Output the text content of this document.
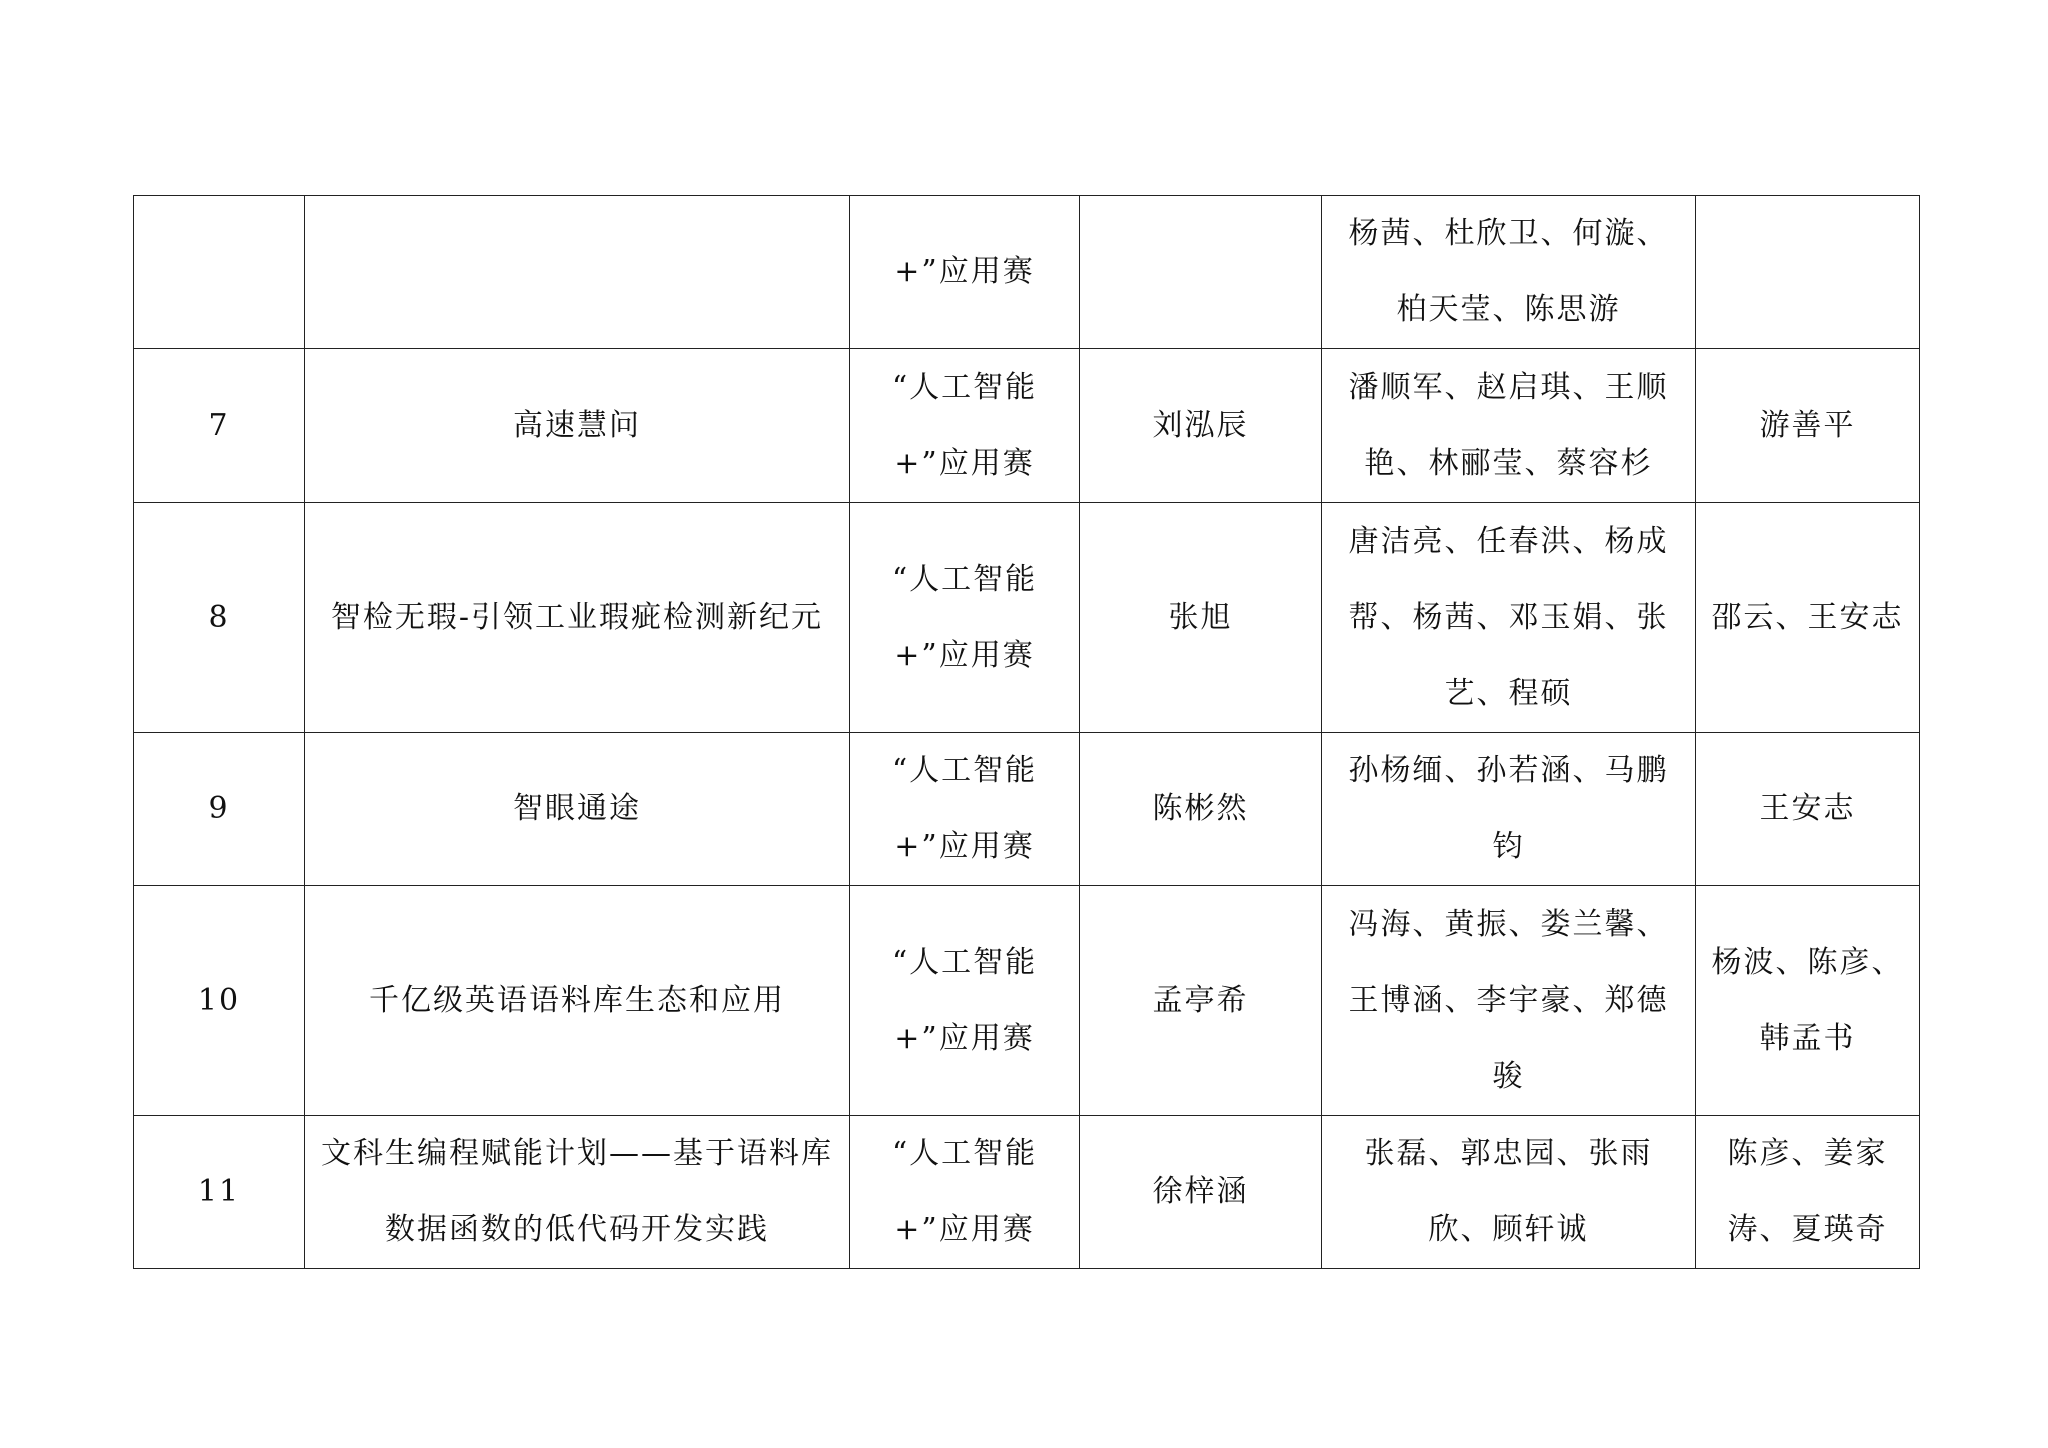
		+”应用赛		杨茜、杜欣卫、何漩、柏天莹、陈思游	
7	高速慧问	“人工智能+”应用赛	刘泓辰	潘顺军、赵启琪、王顺艳、林郦莹、蔡容杉	游善平
8	智检无瑕-引领工业瑕疵检测新纪元	“人工智能+”应用赛	张旭	唐洁亮、任春洪、杨成帮、杨茜、邓玉娟、张艺、程硕	邵云、王安志
9	智眼通途	“人工智能+”应用赛	陈彬然	孙杨缅、孙若涵、马鹏钧	王安志
10	千亿级英语语料库生态和应用	“人工智能+”应用赛	孟亭希	冯海、黄振、娄兰馨、王博涵、李宇豪、郑德骏	杨波、陈彦、韩孟书
11	文科生编程赋能计划——基于语料库数据函数的低代码开发实践	“人工智能+”应用赛	徐梓涵	张磊、郭忠园、张雨欣、顾轩诚	陈彦、姜家涛、夏瑛奇
